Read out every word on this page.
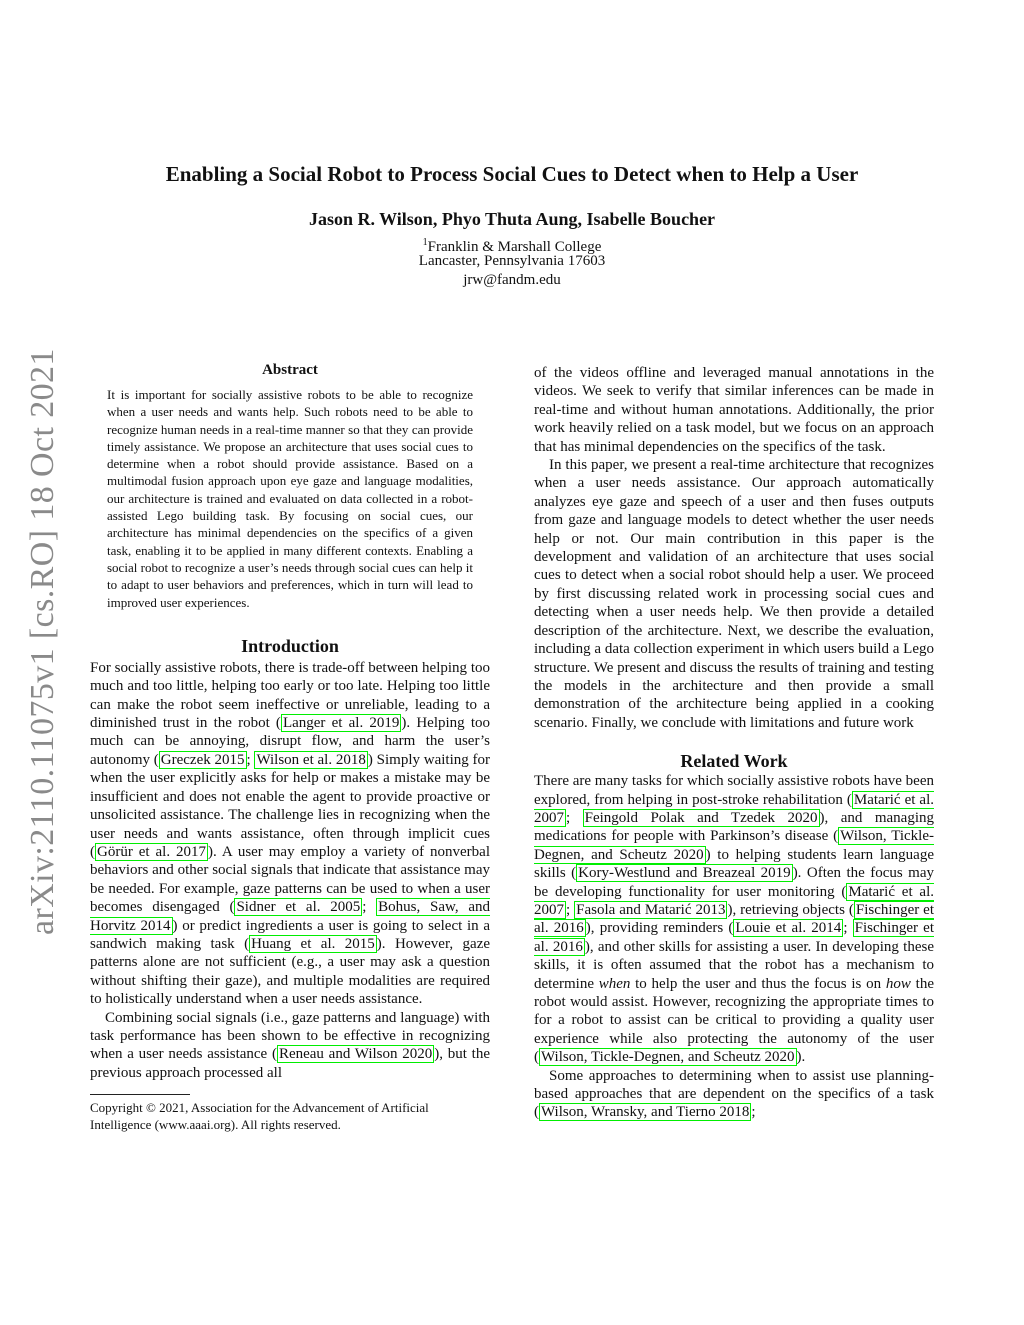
Enabling a Social Robot to Process Social Cues to Detect when to Help a User
Jason R. Wilson, Phyo Thuta Aung, Isabelle Boucher
$^1$Franklin & Marshall College
Lancaster, Pennsylvania 17603
jrw@fandm.edu
arXiv:2110.11075v1 [cs.RO] 18 Oct 2021	Abstract

It is important for socially assistive robots to be able to recognize when a user needs and wants help. Such robots need to be able to recognize human needs in a real-time manner so that they can provide timely assistance. We propose an architecture that uses social cues to determine when a robot should provide assistance. Based on a multimodal fusion approach upon eye gaze and language modalities, our architecture is trained and evaluated on data collected in a robot-assisted Lego building task. By focusing on social cues, our architecture has minimal dependencies on the specifics of a given task, enabling it to be applied in many different contexts. Enabling a social robot to recognize a user’s needs through social cues can help it to adapt to user behaviors and preferences, which in turn will lead to improved user experiences.

Introduction

For socially assistive robots, there is trade-off between helping too much and too little, helping too early or too late. Helping too little can make the robot seem ineffective or unreliable, leading to a diminished trust in the robot ( Langer et al. 2019 ). Helping too much can be annoying, disrupt flow, and harm the user’s autonomy ( Greczek 2015 ; Wilson et al. 2018 ) Simply waiting for when the user explicitly asks for help or makes a mistake may be insufficient and does not enable the agent to provide proactive or unsolicited assistance. The challenge lies in recognizing when the user needs and wants assistance, often through implicit cues ( Görür et al. 2017 ). A user may employ a variety of nonverbal behaviors and other social signals that indicate that assistance may be needed. For example, gaze patterns can be used to when a user becomes disengaged ( Sidner et al. 2005 ; Bohus, Saw, and Horvitz 2014 ) or predict ingredients a user is going to select in a sandwich making task ( Huang et al. 2015 ). However, gaze patterns alone are not sufficient (e.g., a user may ask a question without shifting their gaze), and multiple modalities are required to holistically understand when a user needs assistance.

Combining social signals (i.e., gaze patterns and language) with task performance has been shown to be effective in recognizing when a user needs assistance ( Reneau and Wilson 2020 ), but the previous approach processed all

Copyright © 2021, Association for the Advancement of Artificial Intelligence (www.aaai.org). All rights reserved.

of the videos offline and leveraged manual annotations in the videos. We seek to verify that similar inferences can be made in real-time and without human annotations. Additionally, the prior work heavily relied on a task model, but we focus on an approach that has minimal dependencies on the specifics of the task.

In this paper, we present a real-time architecture that recognizes when a user needs assistance. Our approach automatically analyzes eye gaze and speech of a user and then fuses outputs from gaze and language models to detect whether the user needs help or not. Our main contribution in this paper is the development and validation of an architecture that uses social cues to detect when a social robot should help a user. We proceed by first discussing related work in processing social cues and detecting when a user needs help. We then provide a detailed description of the architecture. Next, we describe the evaluation, including a data collection experiment in which users build a Lego structure. We present and discuss the results of training and testing the models in the architecture and then provide a small demonstration of the architecture being applied in a cooking scenario. Finally, we conclude with limitations and future work

Related Work

There are many tasks for which socially assistive robots have been explored, from helping in post-stroke rehabilitation ( Matarić et al. 2007 ; Feingold Polak and Tzedek 2020 ), and managing medications for people with Parkinson’s disease ( Wilson, Tickle-Degnen, and Scheutz 2020 ) to helping students learn language skills ( Kory-Westlund and Breazeal 2019 ). Often the focus may be developing functionality for user monitoring ( Matarić et al. 2007 ; Fasola and Matarić 2013 ), retrieving objects ( Fischinger et al. 2016 ), providing reminders ( Louie et al. 2014 ; Fischinger et al. 2016 ), and other skills for assisting a user. In developing these skills, it is often assumed that the robot has a mechanism to determine when to help the user and thus the focus is on how the robot would assist. However, recognizing the appropriate times to for a robot to assist can be critical to providing a quality user experience while also protecting the autonomy of the user ( Wilson, Tickle-Degnen, and Scheutz 2020 ).

Some approaches to determining when to assist use planning-based approaches that are dependent on the specifics of a task ( Wilson, Wransky, and Tierno 2018 ;
